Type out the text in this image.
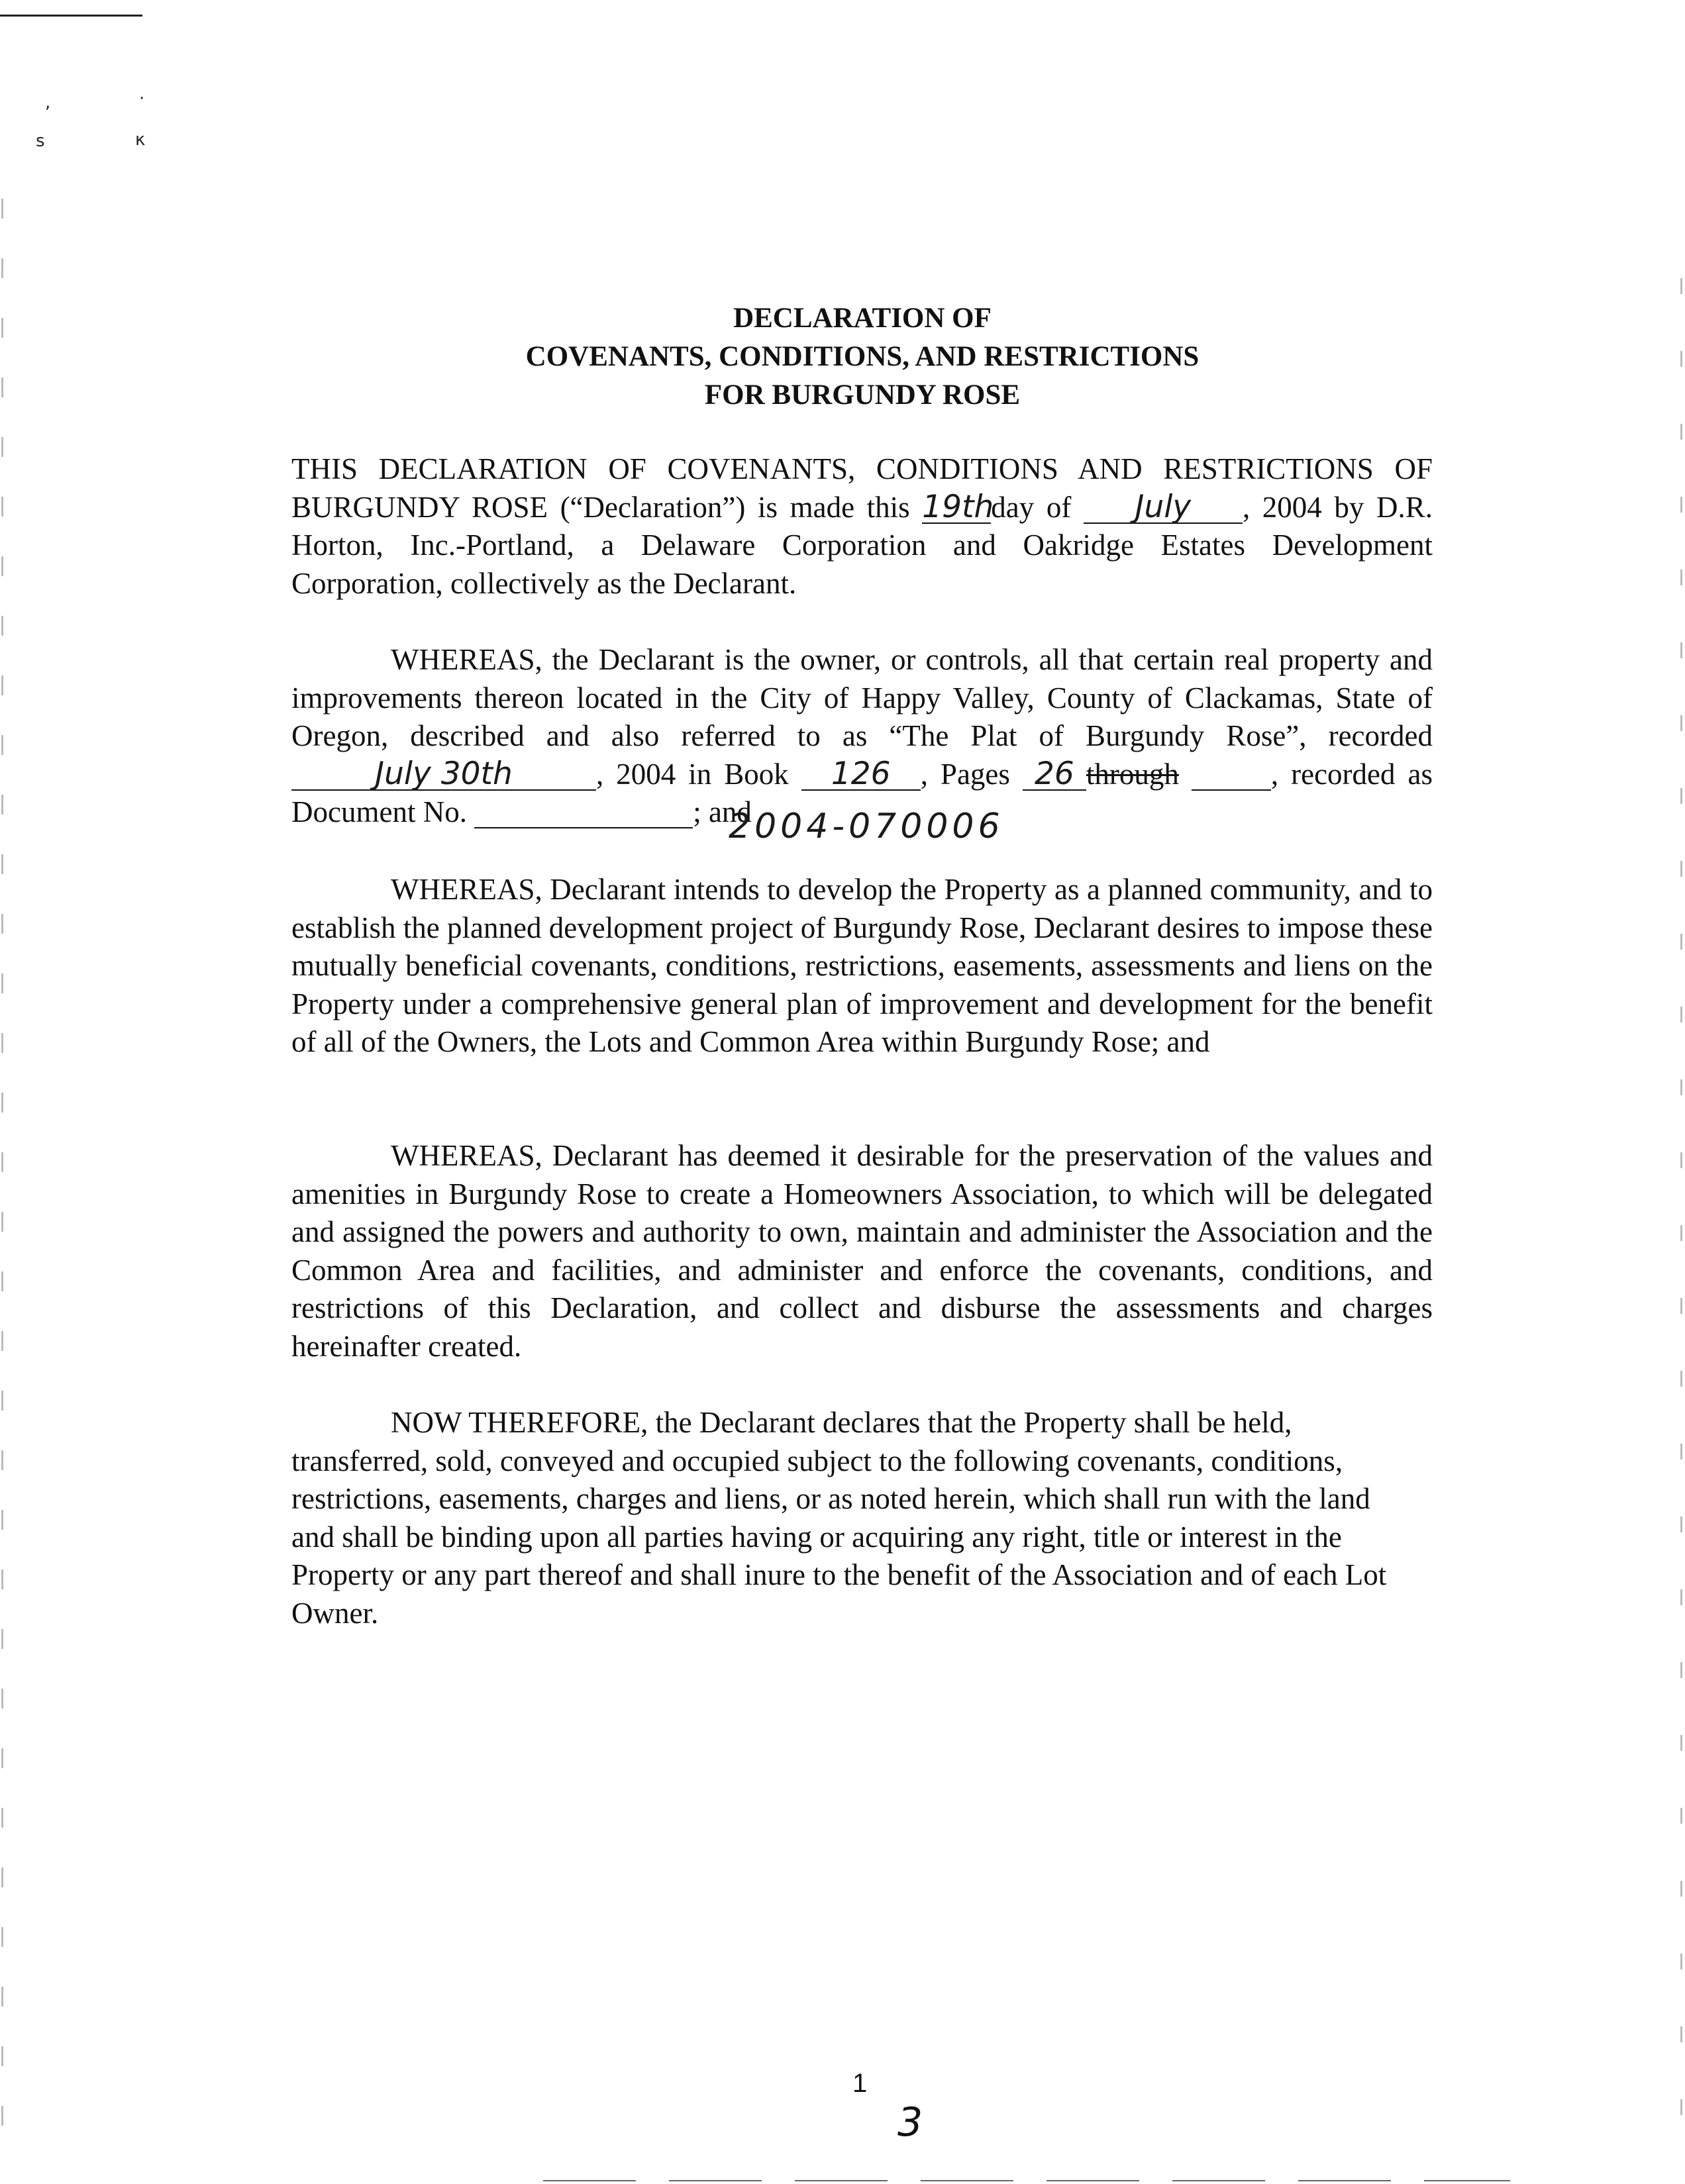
,	·
ꜱ	κ
DECLARATION OF
COVENANTS, CONDITIONS, AND RESTRICTIONS
FOR BURGUNDY ROSE
THIS DECLARATION OF COVENANTS, CONDITIONS AND RESTRICTIONS OF BURGUNDY ROSE (“Declaration”) is made this 19thday of July , 2004 by D.R. Horton, Inc.-Portland, a Delaware Corporation and Oakridge Estates Development Corporation, collectively as the Declarant.
WHEREAS, the Declarant is the owner, or controls, all that certain real property and improvements thereon located in the City of Happy Valley, County of Clackamas, State of Oregon, described and also referred to as “The Plat of Burgundy Rose”, recorded July 30th	, 2004 in Book 126 , Pages 26 through	, recorded as Document No.	; and
2004-070006
WHEREAS, Declarant intends to develop the Property as a planned community, and to establish the planned development project of Burgundy Rose, Declarant desires to impose these mutually beneficial covenants, conditions, restrictions, easements, assessments and liens on the Property under a comprehensive general plan of improvement and development for the benefit of all of the Owners, the Lots and Common Area within Burgundy Rose; and
WHEREAS, Declarant has deemed it desirable for the preservation of the values and amenities in Burgundy Rose to create a Homeowners Association, to which will be delegated and assigned the powers and authority to own, maintain and administer the Association and the Common Area and facilities, and administer and enforce the covenants, conditions, and restrictions of this Declaration, and collect and disburse the assessments and charges hereinafter created.
NOW THEREFORE, the Declarant declares that the Property shall be held, transferred, sold, conveyed and occupied subject to the following covenants, conditions, restrictions, easements, charges and liens, or as noted herein, which shall run with the land and shall be binding upon all parties having or acquiring any right, title or interest in the Property or any part thereof and shall inure to the benefit of the Association and of each Lot Owner.
1
3
